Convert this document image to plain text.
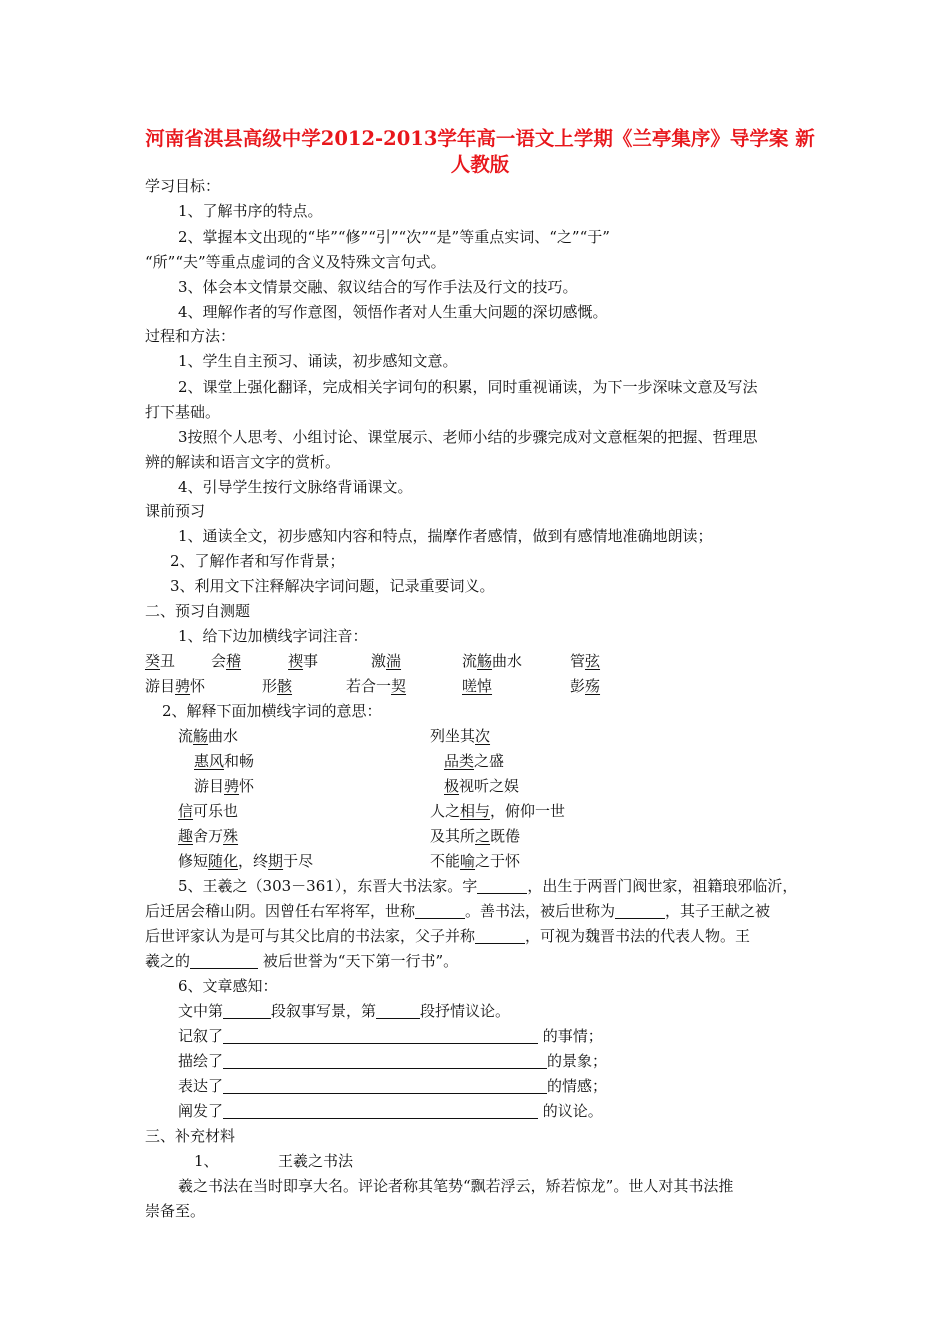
河南省淇县高级中学2012-2013学年高一语文上学期《兰亭集序》导学案 新人教版
学习目标：
1、了解书序的特点。
2、掌握本文出现的“毕”“修”“引”“次”“是”等重点实词、“之”“于”
“所”“夫”等重点虚词的含义及特殊文言句式。
3、体会本文情景交融、叙议结合的写作手法及行文的技巧。
4、理解作者的写作意图，领悟作者对人生重大问题的深切感慨。
过程和方法：
1、学生自主预习、诵读，初步感知文意。
2、课堂上强化翻译，完成相关字词句的积累，同时重视诵读，为下一步深味文意及写法
打下基础。
3按照个人思考、小组讨论、课堂展示、老师小结的步骤完成对文意框架的把握、哲理思
辨的解读和语言文字的赏析。
4、引导学生按行文脉络背诵课文。
课前预习
1、通读全文，初步感知内容和特点，揣摩作者感情，做到有感情地准确地朗读；
2、了解作者和写作背景；
3、利用文下注释解决字词问题，记录重要词义。
二、预习自测题
1、给下边加横线字词注音：
癸丑 会稽	禊事	激湍	流觞曲水	管弦
游目骋怀	形骸	若合一契	嗟悼	彭殇
2、解释下面加横线字词的意思：
流觞曲水	列坐其次
惠风和畅	品类之盛
游目骋怀	极视听之娱
信可乐也	人之相与，俯仰一世
趣舍万殊	及其所之既倦
修短随化，终期于尽	不能喻之于怀
5、王羲之（303－361），东晋大书法家。字	，出生于两晋门阀世家，祖籍琅邪临沂，
后迁居会稽山阴。因曾任右军将军，世称	。善书法，被后世称为	，其子王献之被
后世评家认为是可与其父比肩的书法家，父子并称	，可视为魏晋书法的代表人物。王
羲之的	被后世誉为“天下第一行书”。
6、文章感知：
文中第	段叙事写景，第	段抒情议论。
记叙了	的事情；
描绘了	的景象；
表达了	的情感；
阐发了	的议论。
三、补充材料
1、	王羲之书法
羲之书法在当时即享大名。评论者称其笔势“飘若浮云，矫若惊龙”。世人对其书法推
崇备至。
